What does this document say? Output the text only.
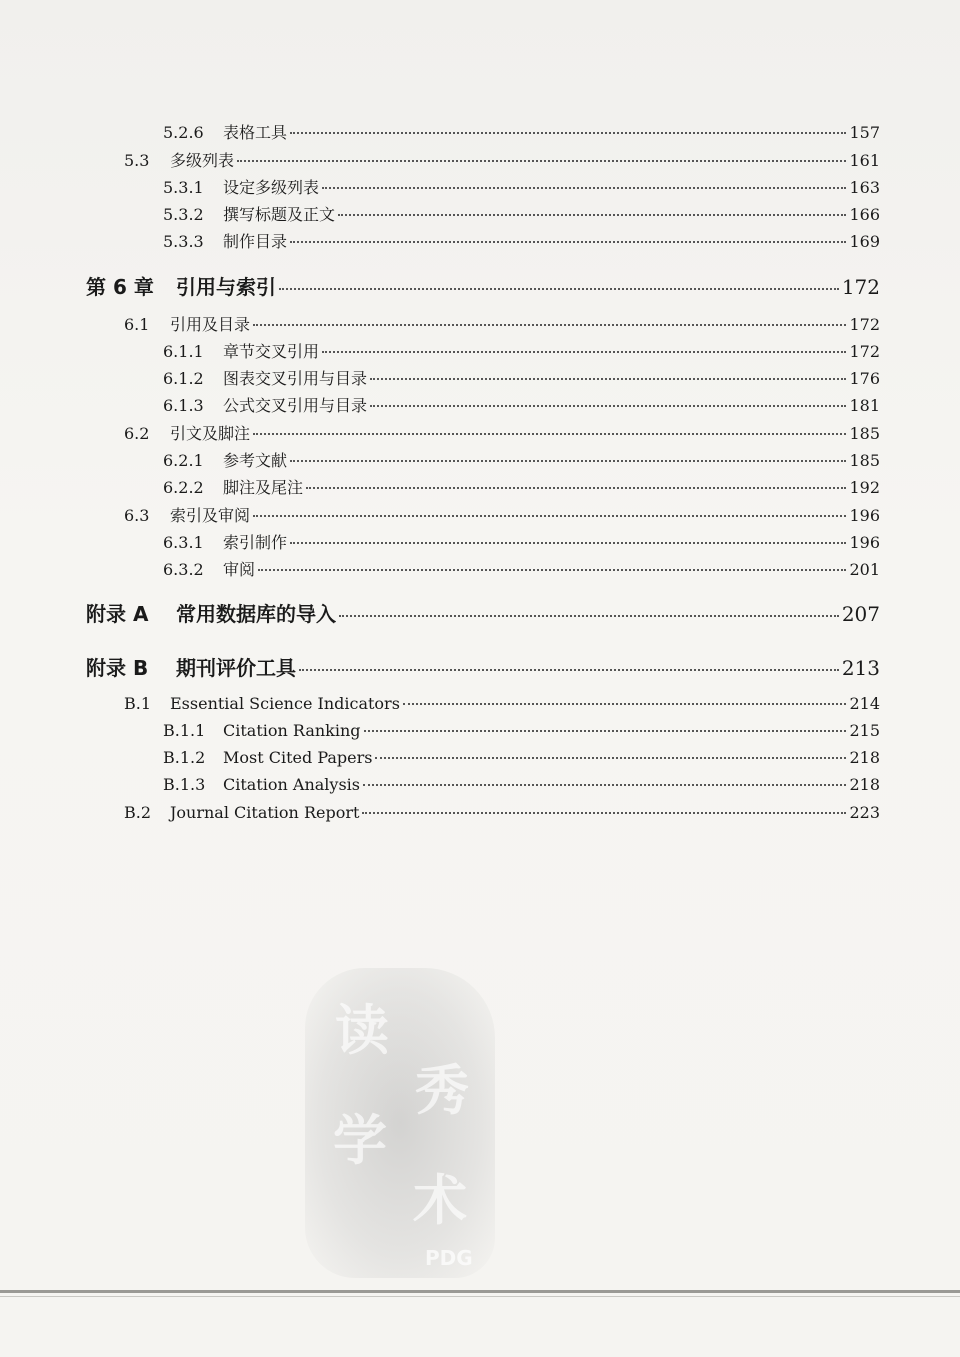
5.2.6	表格工具	157
5.3	多级列表	161
5.3.1	设定多级列表	163
5.3.2	撰写标题及正文	166
5.3.3	制作目录	169
第 6 章	引用与索引	172
6.1	引用及目录	172
6.1.1	章节交叉引用	172
6.1.2	图表交叉引用与目录	176
6.1.3	公式交叉引用与目录	181
6.2	引文及脚注	185
6.2.1	参考文献	185
6.2.2	脚注及尾注	192
6.3	索引及审阅	196
6.3.1	索引制作	196
6.3.2	审阅	201
附录 A	常用数据库的导入	207
附录 B	期刊评价工具	213
B.1	Essential Science Indicators	214
B.1.1	Citation Ranking	215
B.1.2	Most Cited Papers	218
B.1.3	Citation Analysis	218
B.2	Journal Citation Report	223
读
秀
学
术
PDG
